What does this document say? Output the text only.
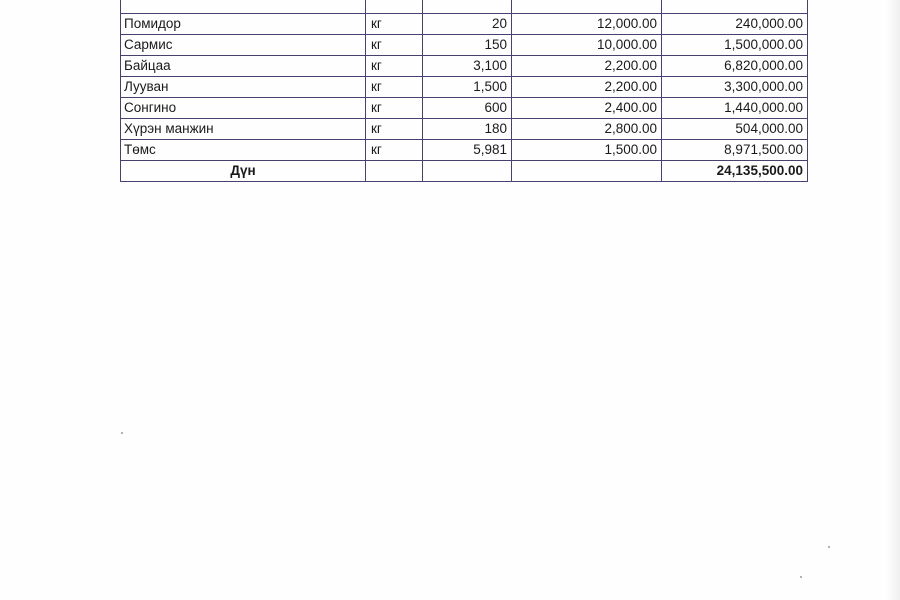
Помидор	кг	20	12,000.00	240,000.00
Сармис	кг	150	10,000.00	1,500,000.00
Байцаа	кг	3,100	2,200.00	6,820,000.00
Лууван	кг	1,500	2,200.00	3,300,000.00
Сонгино	кг	600	2,400.00	1,440,000.00
Хүрэн манжин	кг	180	2,800.00	504,000.00
Төмс	кг	5,981	1,500.00	8,971,500.00
Дүн				24,135,500.00
